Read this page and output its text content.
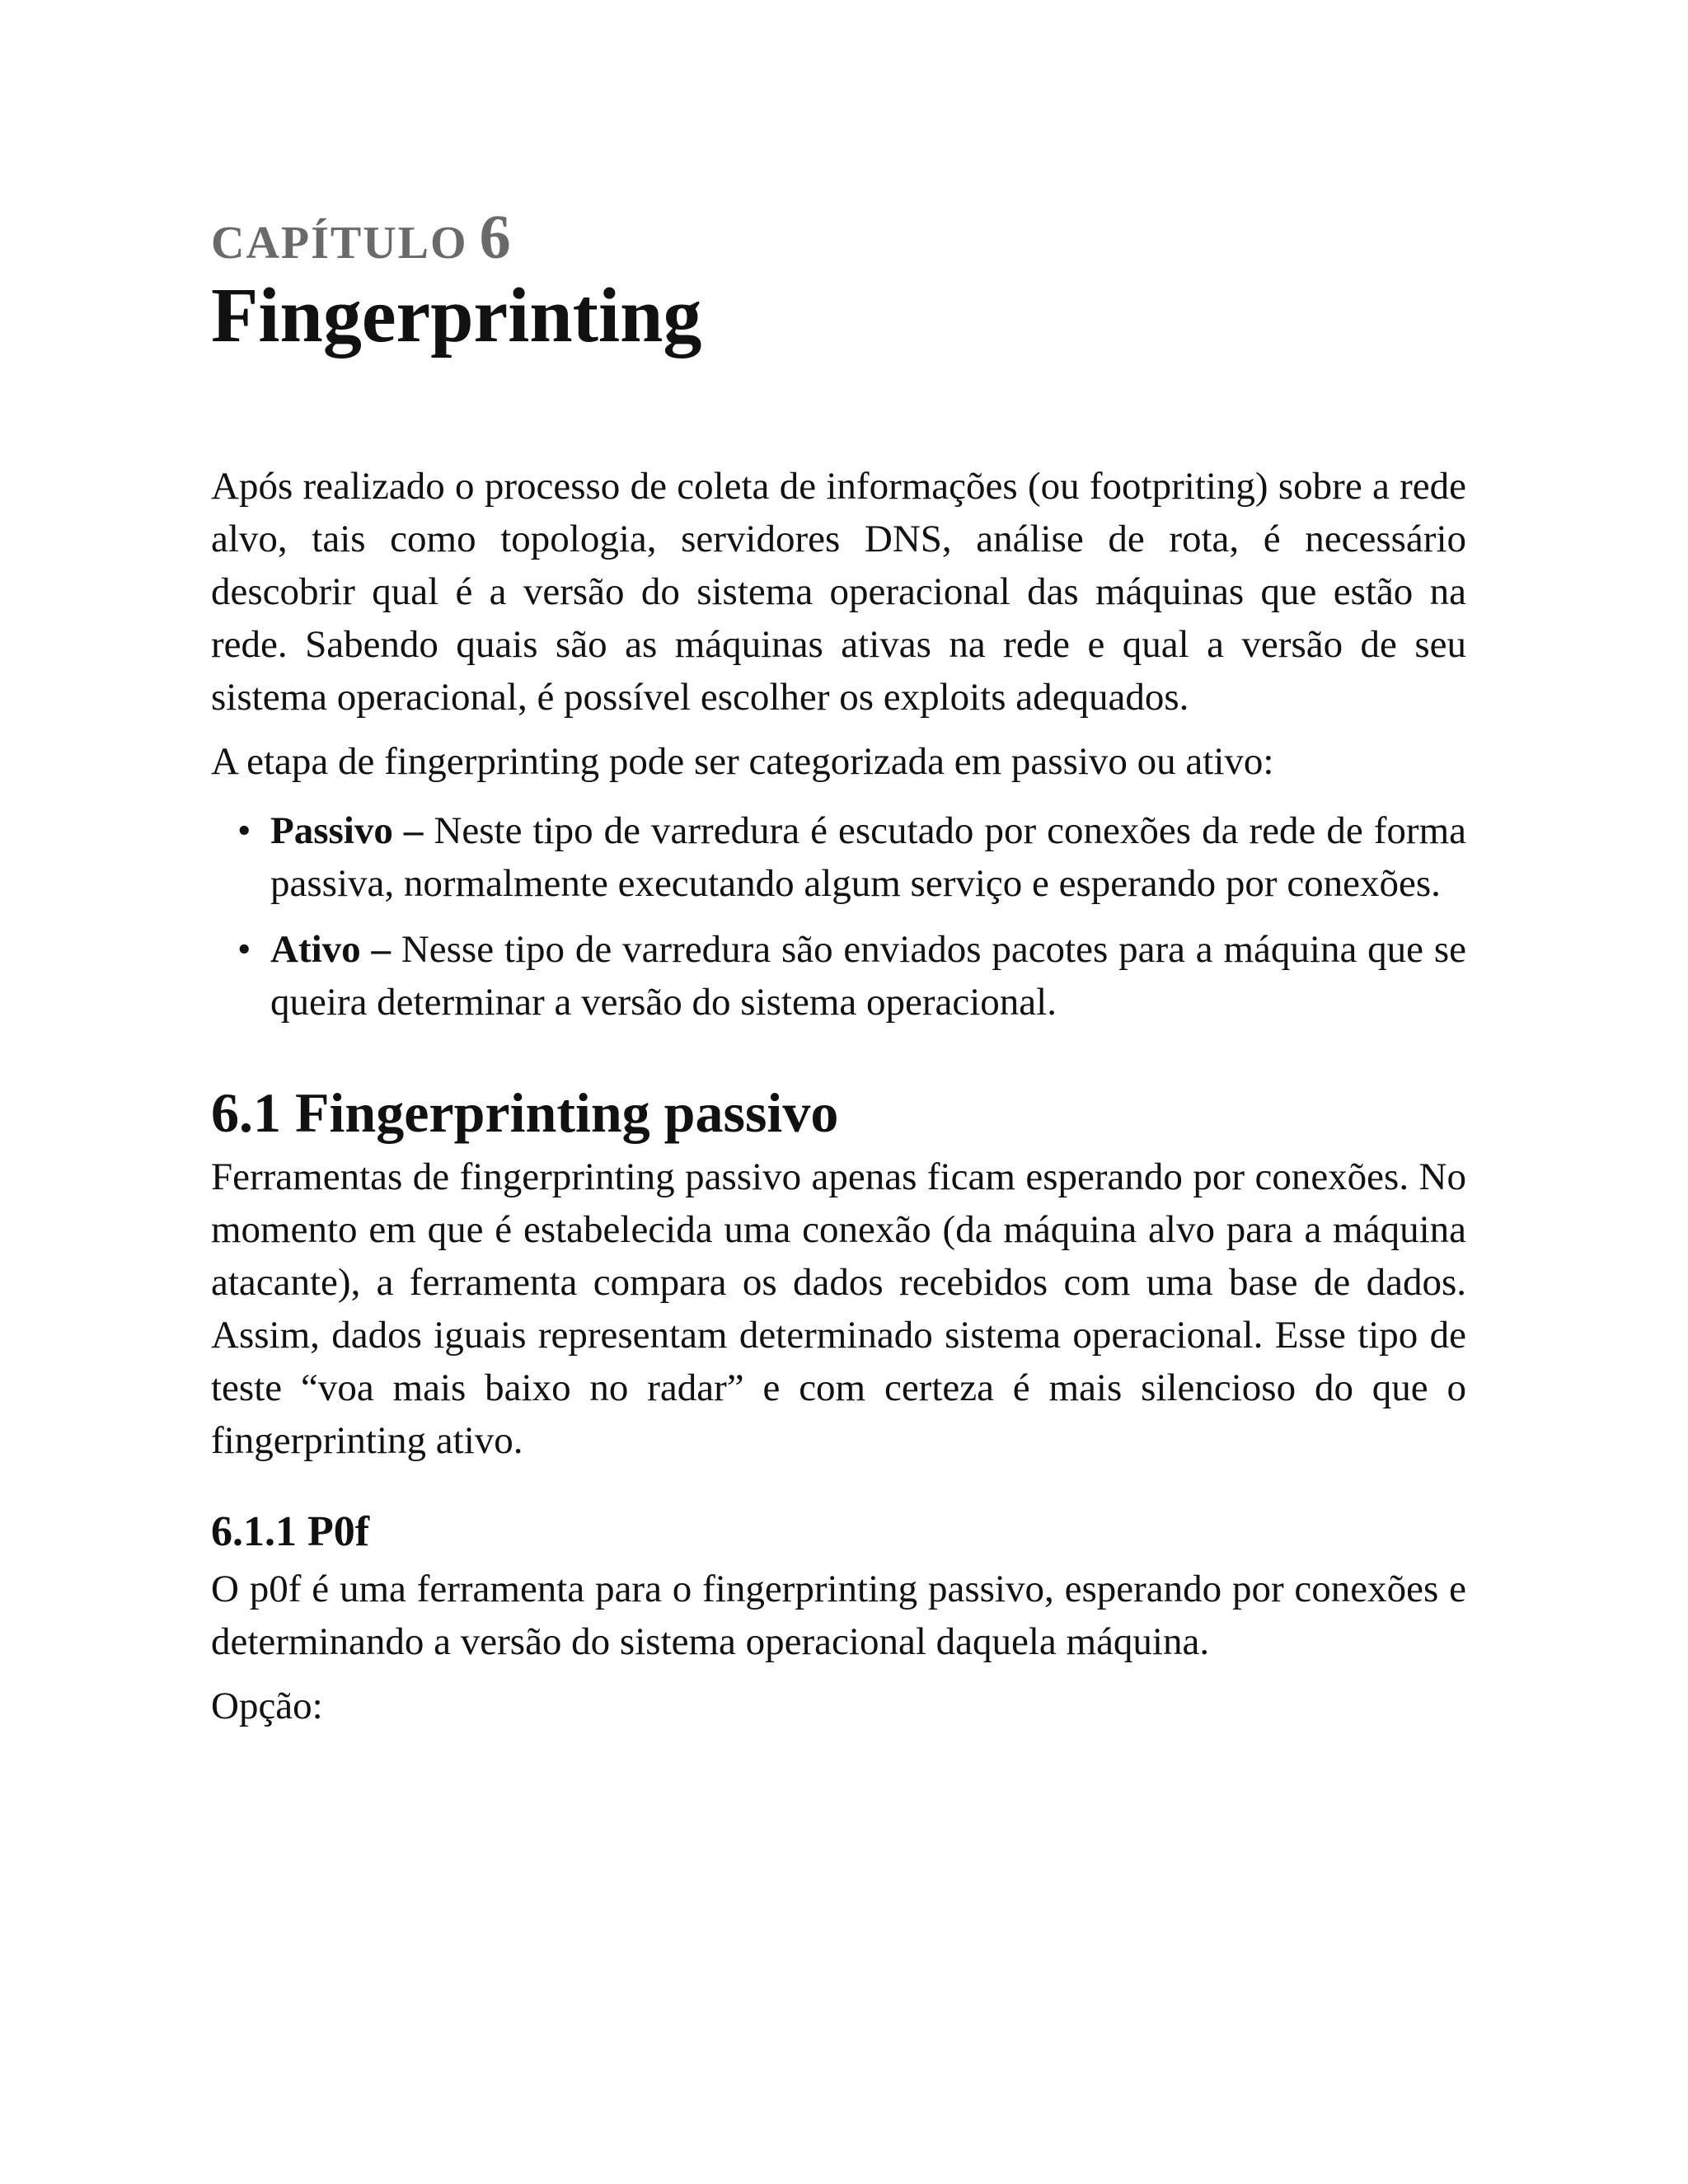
CAPÍTULO 6
Fingerprinting

Após realizado o processo de coleta de informações (ou footpriting) sobre a rede alvo, tais como topologia, servidores DNS, análise de rota, é necessário descobrir qual é a versão do sistema operacional das máquinas que estão na rede. Sabendo quais são as máquinas ativas na rede e qual a versão de seu sistema operacional, é possível escolher os exploits adequados.

A etapa de fingerprinting pode ser categorizada em passivo ou ativo:

• Passivo – Neste tipo de varredura é escutado por conexões da rede de forma passiva, normalmente executando algum serviço e esperando por conexões.
• Ativo – Nesse tipo de varredura são enviados pacotes para a máquina que se queira determinar a versão do sistema operacional.
6.1 Fingerprinting passivo

Ferramentas de fingerprinting passivo apenas ficam esperando por conexões. No momento em que é estabelecida uma conexão (da máquina alvo para a máquina atacante), a ferramenta compara os dados recebidos com uma base de dados. Assim, dados iguais representam determinado sistema operacional. Esse tipo de teste “voa mais baixo no radar” e com certeza é mais silencioso do que o fingerprinting ativo.

6.1.1 P0f

O p0f é uma ferramenta para o fingerprinting passivo, esperando por conexões e determinando a versão do sistema operacional daquela máquina.

Opção:
